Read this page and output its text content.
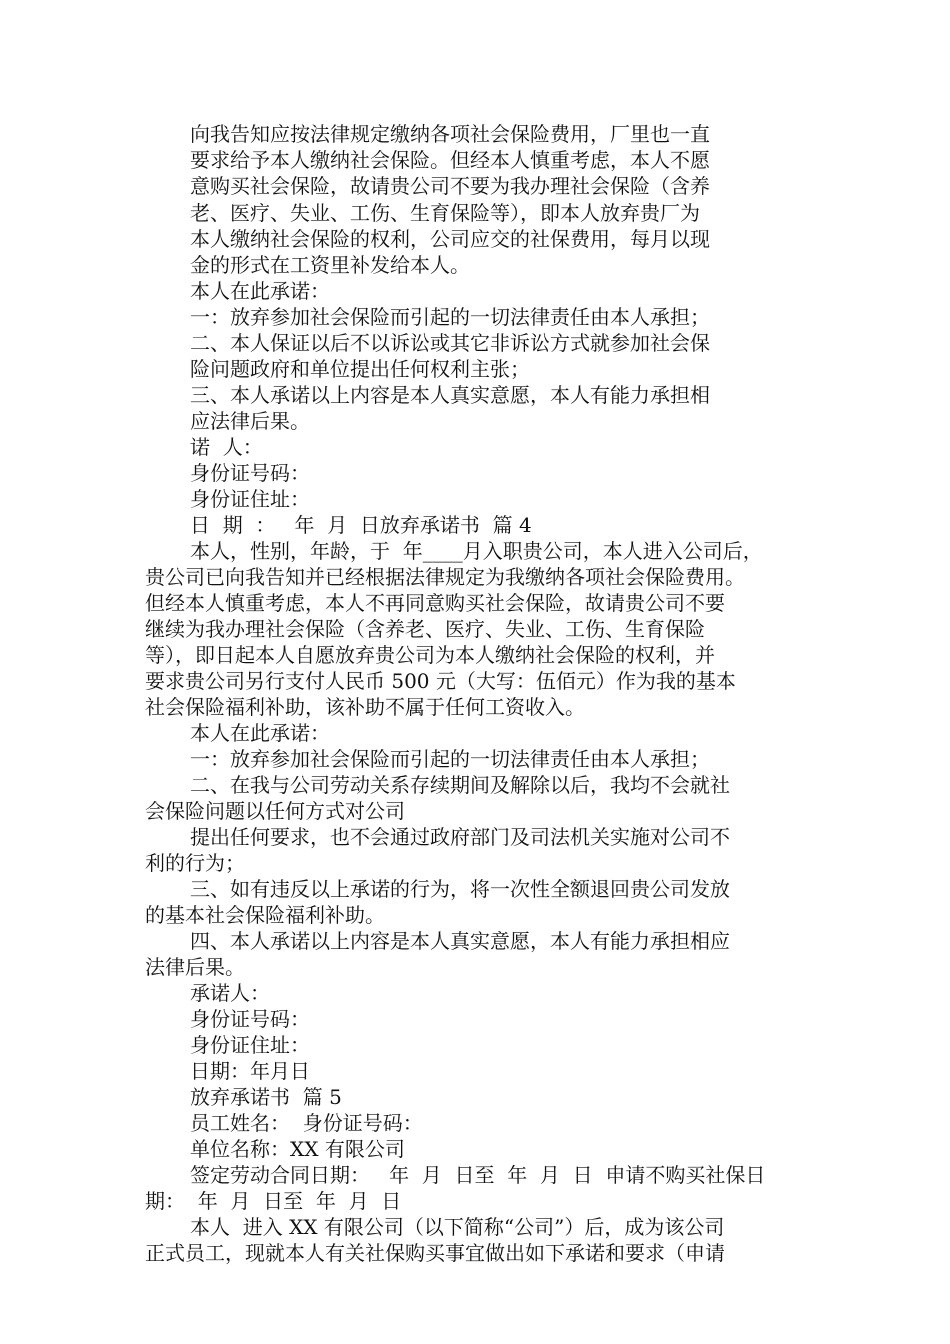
向我告知应按法律规定缴纳各项社会保险费用，厂里也一直
要求给予本人缴纳社会保险。但经本人慎重考虑，本人不愿
意购买社会保险，故请贵公司不要为我办理社会保险（含养
老、医疗、失业、工伤、生育保险等），即本人放弃贵厂为
本人缴纳社会保险的权利，公司应交的社保费用，每月以现
金的形式在工资里补发给本人。
本人在此承诺：
一：放弃参加社会保险而引起的一切法律责任由本人承担；
二、本人保证以后不以诉讼或其它非诉讼方式就参加社会保
险问题政府和单位提出任何权利主张；
三、本人承诺以上内容是本人真实意愿，本人有能力承担相
应法律后果。
诺  人：
身份证号码：
身份证住址：
日  期  ：   年  月  日放弃承诺书  篇 4
本人，性别，年龄，于  年____月入职贵公司，本人进入公司后，
贵公司已向我告知并已经根据法律规定为我缴纳各项社会保险费用。
但经本人慎重考虑，本人不再同意购买社会保险，故请贵公司不要
继续为我办理社会保险（含养老、医疗、失业、工伤、生育保险
等），即日起本人自愿放弃贵公司为本人缴纳社会保险的权利，并
要求贵公司另行支付人民币 500 元（大写：伍佰元）作为我的基本
社会保险福利补助，该补助不属于任何工资收入。
本人在此承诺：
一：放弃参加社会保险而引起的一切法律责任由本人承担；
二、在我与公司劳动关系存续期间及解除以后，我均不会就社
会保险问题以任何方式对公司
提出任何要求，也不会通过政府部门及司法机关实施对公司不
利的行为；
三、如有违反以上承诺的行为，将一次性全额退回贵公司发放
的基本社会保险福利补助。
四、本人承诺以上内容是本人真实意愿，本人有能力承担相应
法律后果。
承诺人：
身份证号码：
身份证住址：
日期：年月日
放弃承诺书  篇 5
员工姓名：  身份证号码：
单位名称：XX 有限公司
签定劳动合同日期：   年  月  日至  年  月  日  申请不购买社保日
期：  年  月  日至  年  月  日
本人  进入 XX 有限公司（以下简称“公司”）后，成为该公司
正式员工，现就本人有关社保购买事宜做出如下承诺和要求（申请
